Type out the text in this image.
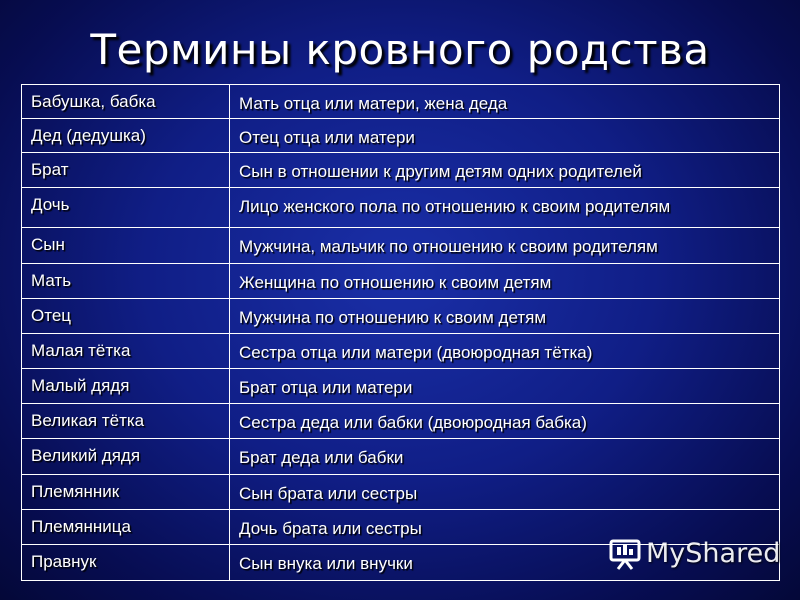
Термины кровного родства
Бабушка, бабка	Мать отца или матери, жена деда
Дед (дедушка)	Отец отца или матери
Брат	Сын в отношении к другим детям одних родителей
Дочь	Лицо женского пола по отношению к своим родителям
Сын	Мужчина, мальчик по отношению к своим родителям
Мать	Женщина по отношению к своим детям
Отец	Мужчина по отношению к своим детям
Малая тётка	Сестра отца или матери (двоюродная тётка)
Малый дядя	Брат отца или матери
Великая тётка	Сестра деда или бабки (двоюродная бабка)
Великий дядя	Брат деда или бабки
Племянник	Сын брата или сестры
Племянница	Дочь брата или сестры
Правнук	Сын внука или внучки	MyShared
